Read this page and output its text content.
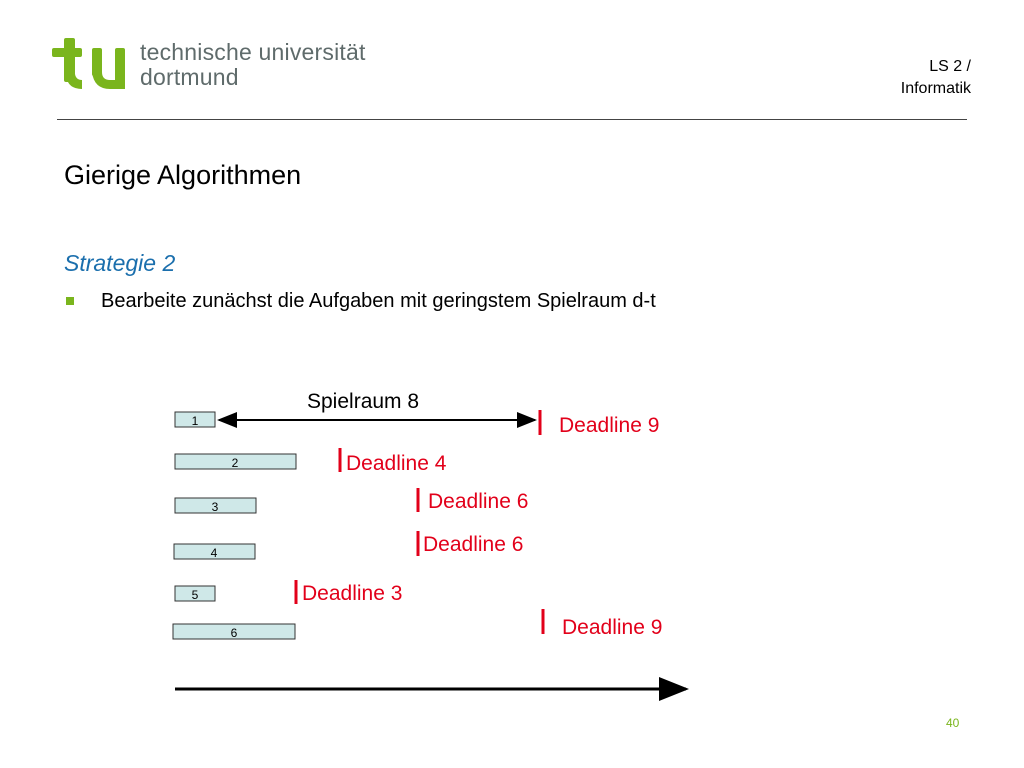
technische universität
dortmund	LS 2 /
Informatik
Gierige Algorithmen
Strategie 2
Bearbeite zunächst die Aufgaben mit geringstem Spielraum d-t
Spielraum 8
1	Deadline 9
2	Deadline 4
3	Deadline 6
4	Deadline 6
5	Deadline 3
6	Deadline 9
40
